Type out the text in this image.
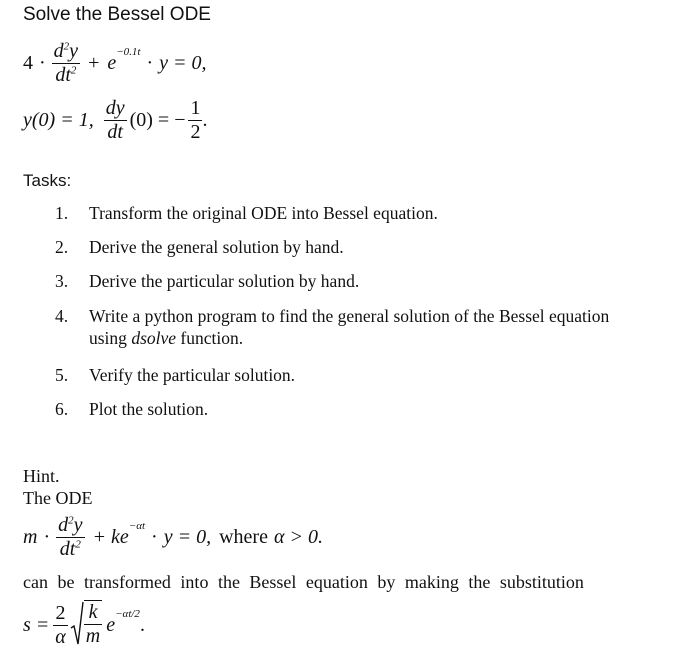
Solve the Bessel ODE
$4 \cdot \frac{d^2y}{dt^2} + e^{-0.1t} \cdot y = 0$,
y(0) = 1, $\frac{dy}{dt} (0)$ = − $\frac{1}{2}$ .
Tasks:
1. Transform the original ODE into Bessel equation.
2. Derive the general solution by hand.
3. Derive the particular solution by hand.
4. Write a python program to find the general solution of the Bessel equation
using dsolve function.
5. Verify the particular solution.
6. Plot the solution.
Hint.
The ODE
$m \cdot \frac{d^2y}{dt^2} + k$ $e^{-\alpha t} \cdot y = 0$, where α > 0.
can be transformed into the Bessel equation by making the substitution
$s = \frac{2}{\alpha} \frac{k}{m} e^{-\alpha t/2}$ .
